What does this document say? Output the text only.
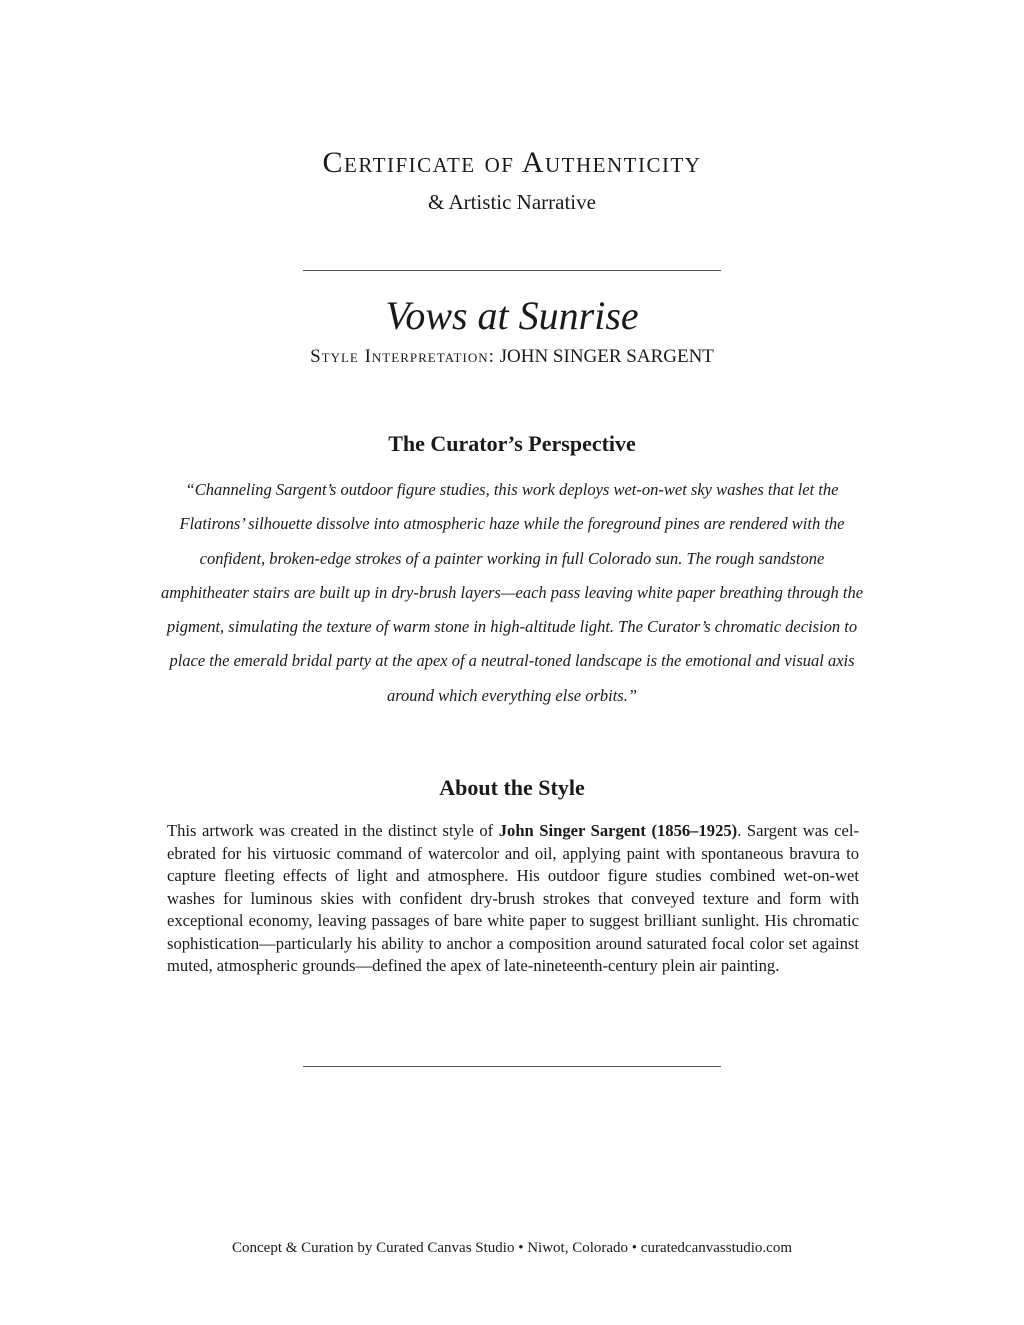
Certificate of Authenticity

& Artistic Narrative

Vows at Sunrise

Style Interpretation: JOHN SINGER SARGENT

The Curator’s Perspective

“Channeling Sargent’s outdoor figure studies, this work deploys wet-on-wet sky washes that let the Flatirons’ silhouette dissolve into atmospheric haze while the foreground pines are rendered with the confident, broken-edge strokes of a painter working in full Colorado sun. The rough sandstone amphitheater stairs are built up in dry-brush layers—each pass leaving white paper breathing through the pigment, simulating the texture of warm stone in high-altitude light. The Curator’s chromatic decision to place the emerald bridal party at the apex of a neutral-toned landscape is the emotional and visual axis around which everything else orbits.”

About the Style

This artwork was created in the distinct style of John Singer Sargent (1856–1925). Sargent was celebrated for his virtuosic command of watercolor and oil, applying paint with spontaneous bravura to capture fleeting effects of light and atmosphere. His outdoor figure studies combined wet-on-wet washes for luminous skies with confident dry-brush strokes that conveyed texture and form with exceptional economy, leaving passages of bare white paper to suggest brilliant sunlight. His chromatic sophistication—particularly his ability to anchor a composition around saturated focal color set against muted, atmospheric grounds—defined the apex of late-nineteenth-century plein air painting.

Concept & Curation by Curated Canvas Studio • Niwot, Colorado • curatedcanvasstudio.com
